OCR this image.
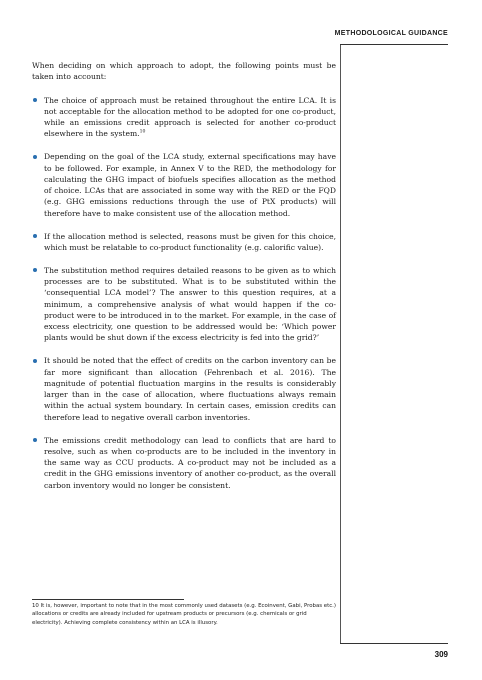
METHODOLOGICAL GUIDANCE

When deciding on which approach to adopt, the following points must be taken into account:

The choice of approach must be retained throughout the entire LCA. It is not acceptable for the allocation method to be adopted for one co-product, while an emissions credit approach is selected for another co-product elsewhere in the system.$^{10}$
Depending on the goal of the LCA study, external specifications may have to be followed. For example, in Annex V to the RED, the methodology for calculating the GHG impact of biofuels specifies allocation as the method of choice. LCAs that are associated in some way with the RED or the FQD (e.g. GHG emissions reductions through the use of PtX products) will therefore have to make consistent use of the allocation method.
If the allocation method is selected, reasons must be given for this choice, which must be relatable to co-product functionality (e.g. calorific value).
The substitution method requires detailed reasons to be given as to which processes are to be substituted. What is to be substituted within the ‘consequential LCA model’? The answer to this question requires, at a minimum, a comprehensive analysis of what would happen if the co-product were to be introduced in to the market. For example, in the case of excess electricity, one question to be addressed would be: ‘Which power plants would be shut down if the excess electricity is fed into the grid?’
It should be noted that the effect of credits on the carbon inventory can be far more significant than allocation (Fehrenbach et al. 2016). The magnitude of potential fluctuation margins in the results is considerably larger than in the case of allocation, where fluctuations always remain within the actual system boundary. In certain cases, emission credits can therefore lead to negative overall carbon inventories.
The emissions credit methodology can lead to conflicts that are hard to resolve, such as when co-products are to be included in the inventory in the same way as CCU products. A co-product may not be included as a credit in the GHG emissions inventory of another co-product, as the overall carbon inventory would no longer be consistent.
10 It is, however, important to note that in the most commonly used datasets (e.g. Ecoinvent, Gabi, Probas etc.) allocations or credits are already included for upstream products or precursors (e.g. chemicals or grid electricity). Achieving complete consistency within an LCA is illusory.
309
